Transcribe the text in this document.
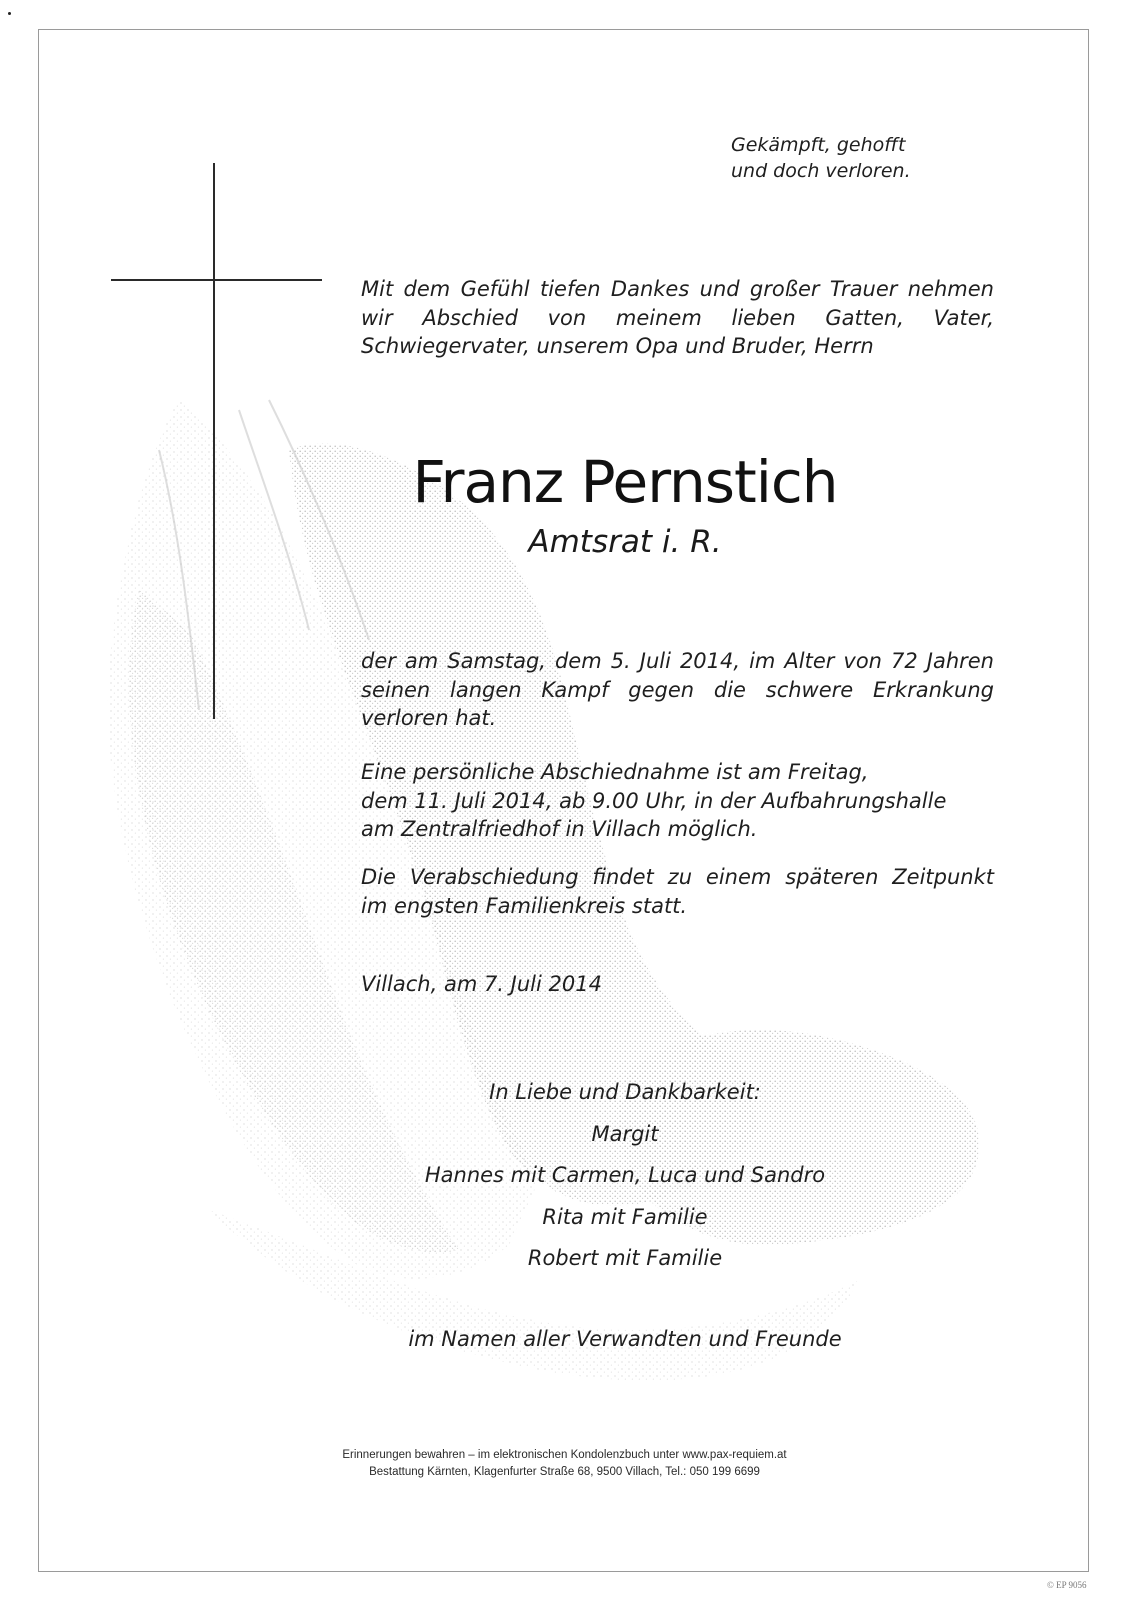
Gekämpft, gehofft
und doch verloren.
Mit dem Gefühl tiefen Dankes und großer Trauer nehmen
wir Abschied von meinem lieben Gatten, Vater,
Schwiegervater, unserem Opa und Bruder, Herrn
Franz Pernstich
Amtsrat i. R.
der am Samstag, dem 5. Juli 2014, im Alter von 72 Jahren
seinen langen Kampf gegen die schwere Erkrankung
verloren hat.
Eine persönliche Abschiednahme ist am Freitag,
dem 11. Juli 2014, ab 9.00 Uhr, in der Aufbahrungshalle
am Zentralfriedhof in Villach möglich.
Die Verabschiedung findet zu einem späteren Zeitpunkt
im engsten Familienkreis statt.
Villach, am 7. Juli 2014
In Liebe und Dankbarkeit:
Margit
Hannes mit Carmen, Luca und Sandro
Rita mit Familie
Robert mit Familie
im Namen aller Verwandten und Freunde
Erinnerungen bewahren – im elektronischen Kondolenzbuch unter www.pax-requiem.at
Bestattung Kärnten, Klagenfurter Straße 68, 9500 Villach, Tel.: 050 199 6699
© EP 9056
